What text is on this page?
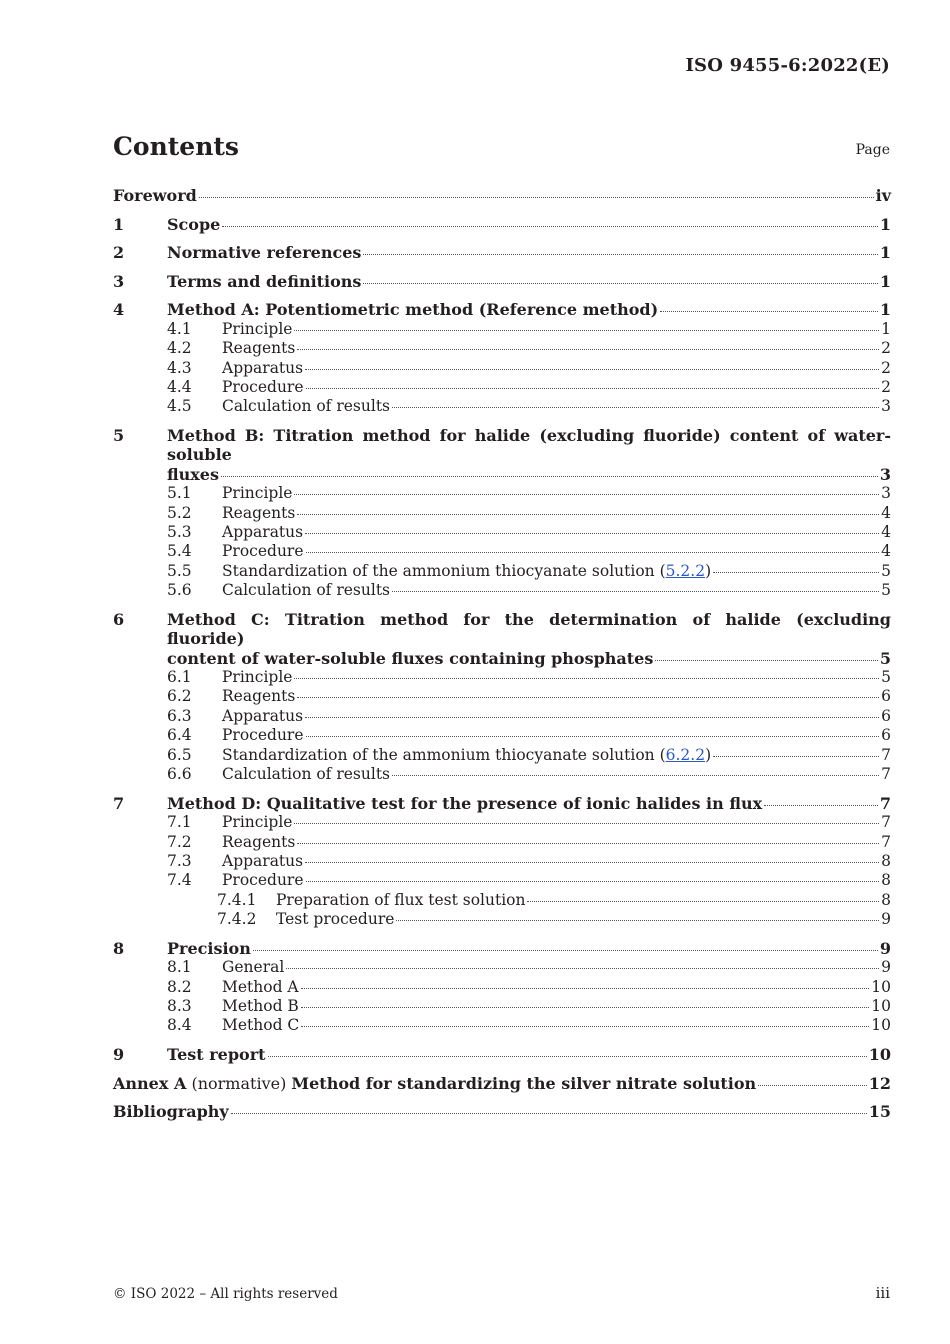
ISO 9455-6:2022(E)
Contents	Page
Foreword	iv
1	Scope	1
2	Normative references	1
3	Terms and definitions	1
4	Method A: Potentiometric method (Reference method)	1
4.1 Principle	1
4.2 Reagents	2
4.3 Apparatus	2
4.4 Procedure	2
4.5 Calculation of results	3
5	Method B: Titration method for halide (excluding fluoride) content of water-soluble
fluxes	3
5.1 Principle	3
5.2 Reagents	4
5.3 Apparatus	4
5.4 Procedure	4
5.5 Standardization of the ammonium thiocyanate solution (5.2.2)	5
5.6 Calculation of results	5
6	Method C: Titration method for the determination of halide (excluding fluoride)
content of water-soluble fluxes containing phosphates	5
6.1 Principle	5
6.2 Reagents	6
6.3 Apparatus	6
6.4 Procedure	6
6.5 Standardization of the ammonium thiocyanate solution (6.2.2)	7
6.6 Calculation of results	7
7	Method D: Qualitative test for the presence of ionic halides in flux	7
7.1 Principle	7
7.2 Reagents	7
7.3 Apparatus	8
7.4 Procedure	8
7.4.1 Preparation of flux test solution	8
7.4.2 Test procedure	9
8	Precision	9
8.1 General	9
8.2 Method A	10
8.3 Method B	10
8.4 Method C	10
9	Test report	10
Annex A (normative) Method for standardizing the silver nitrate solution	12
Bibliography	15
© ISO 2022 – All rights reserved	iii
